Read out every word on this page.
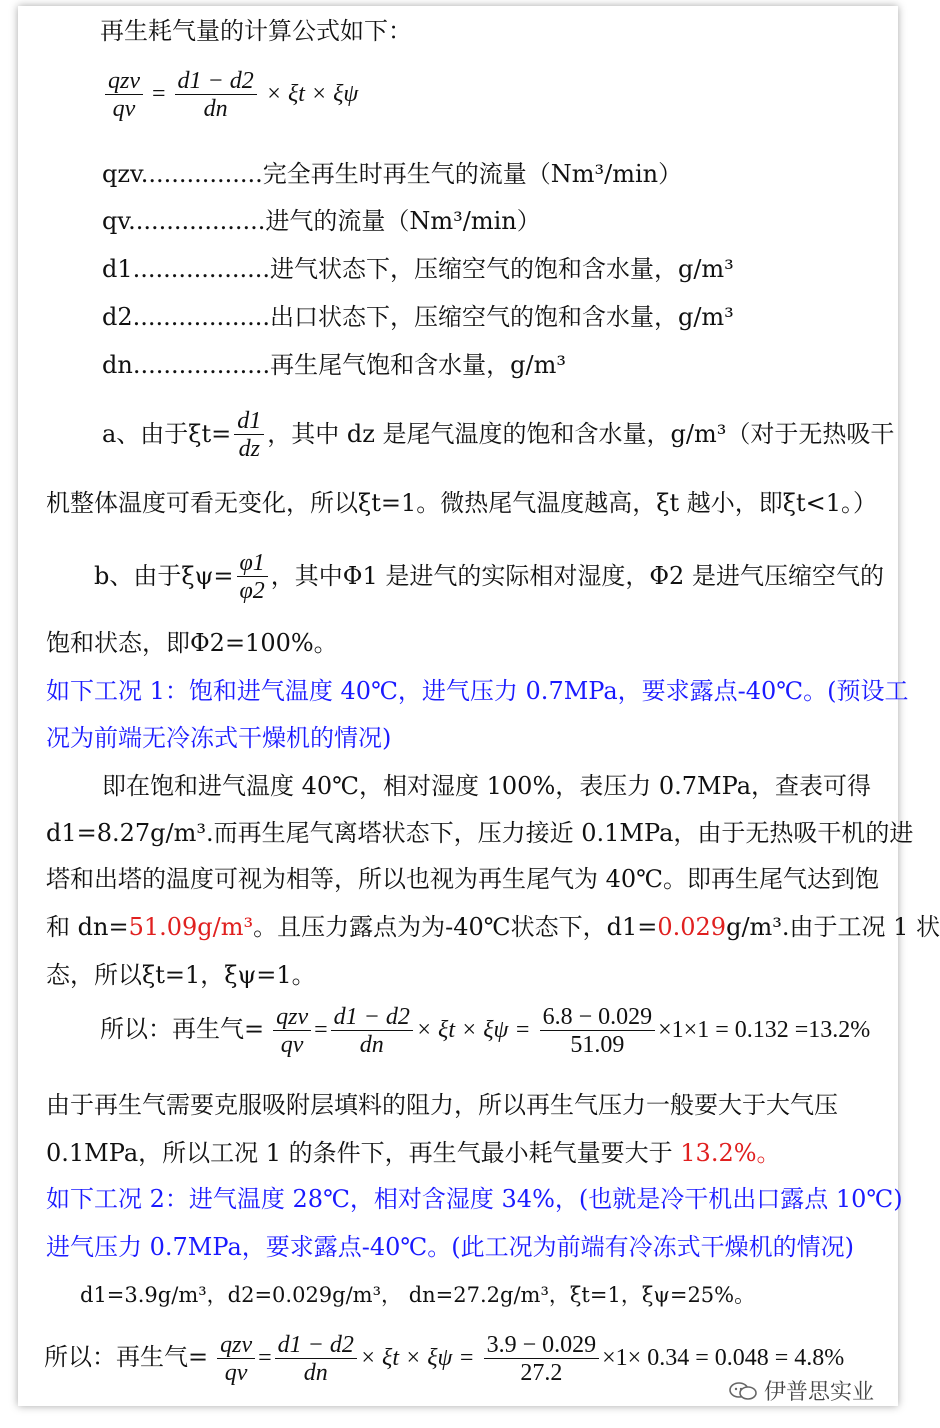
再生耗气量的计算公式如下：
$\frac{\text{qzv}}{qv} = \frac{d1 - d2}{dn} \times \xi t \times \xi\psi$
qzv................完全再生时再生气的流量（Nm³/min）
qv..................进气的流量（Nm³/min）
d1..................进气状态下，压缩空气的饱和含水量，g/m³
d2..................出口状态下，压缩空气的饱和含水量，g/m³
dn..................再生尾气饱和含水量，g/m³
a、由于$\xi t= \frac{d1}{dz}$ ，其中 dz 是尾气温度的饱和含水量，g/m³（对于无热吸干
机整体温度可看无变化，所以ξt=1。微热尾气温度越高，ξt 越小，即ξt<1。）
b、由于$\xi\psi= \frac{\varphi 1}{\varphi 2}$ ，其中Φ1 是进气的实际相对湿度，Φ2 是进气压缩空气的
饱和状态，即Φ2=100%。
如下工况 1：饱和进气温度 40℃，进气压力 0.7MPa，要求露点-40℃。(预设工
况为前端无冷冻式干燥机的情况)
即在饱和进气温度 40℃，相对湿度 100%，表压力 0.7MPa，查表可得
d1=8.27g/m³.而再生尾气离塔状态下，压力接近 0.1MPa，由于无热吸干机的进
塔和出塔的温度可视为相等，所以也视为再生尾气为 40℃。即再生尾气达到饱
和 dn=51.09g/m³。且压力露点为为-40℃状态下，d1=0.029g/m³.由于工况 1 状
态，所以ξt=1，ξψ=1。
所以：再生气= $\frac{\text{qzv}}{qv} = \frac{d1 - d2}{dn} \times \xi t \times \xi\psi = \frac{6.8 - 0.029}{51.09} \times 1\times 1 = 0.132 =13.2\%$
由于再生气需要克服吸附层填料的阻力，所以再生气压力一般要大于大气压
0.1MPa，所以工况 1 的条件下，再生气最小耗气量要大于 13.2%。
如下工况 2：进气温度 28℃，相对含湿度 34%，(也就是冷干机出口露点 10℃)
进气压力 0.7MPa，要求露点-40℃。(此工况为前端有冷冻式干燥机的情况)
d1=3.9g/m³，d2=0.029g/m³， dn=27.2g/m³，ξt=1，ξψ=25%。
所以：再生气= $\frac{\text{qzv}}{qv} = \frac{d1 - d2}{dn} \times \xi t \times \xi\psi = \frac{3.9 - 0.029}{27.2} \times 1\times 0.34 = 0.048 = 4.8\%$
伊普思实业
